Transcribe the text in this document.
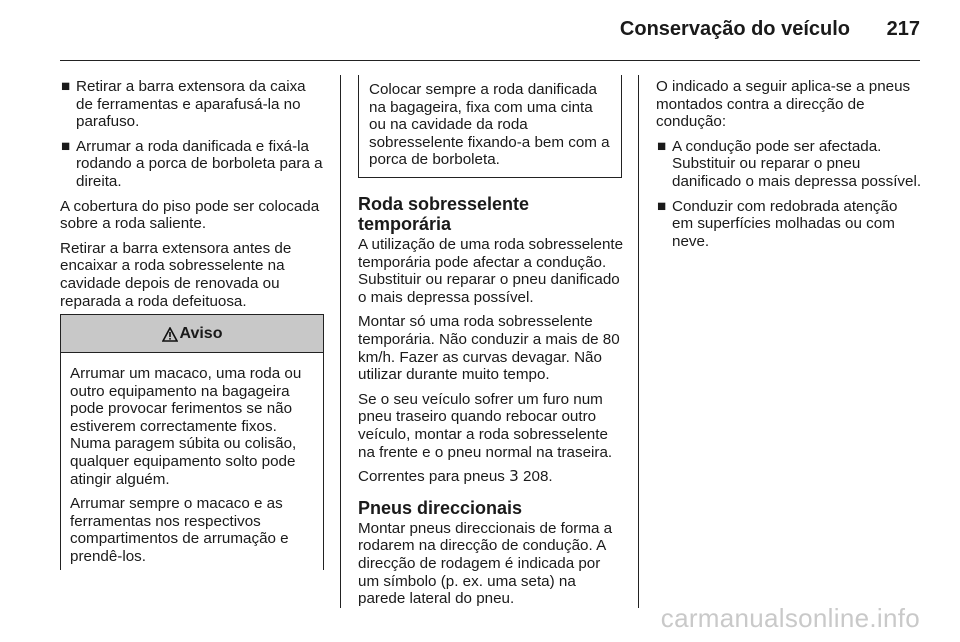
Conservação do veículo 217
■ Retirar a barra extensora da caixa de ferramentas e aparafusá-la no parafuso.
■ Arrumar a roda danificada e fixá-la rodando a porca de borboleta para a direita.

A cobertura do piso pode ser colocada sobre a roda saliente.

Retirar a barra extensora antes de encaixar a roda sobresselente na cavidade depois de renovada ou reparada a roda defeituosa.

Aviso

Arrumar um macaco, uma roda ou outro equipamento na bagageira pode provocar ferimentos se não estiverem correctamente fixos. Numa paragem súbita ou colisão, qualquer equipamento solto pode atingir alguém.

Arrumar sempre o macaco e as ferramentas nos respectivos compartimentos de arrumação e prendê-los.

Colocar sempre a roda danificada na bagageira, fixa com uma cinta ou na cavidade da roda sobresselente fixando-a bem com a porca de borboleta.
Roda sobresselente temporária

A utilização de uma roda sobresselente temporária pode afectar a condução. Substituir ou reparar o pneu danificado o mais depressa possível.

Montar só uma roda sobresselente temporária. Não conduzir a mais de 80 km/h. Fazer as curvas devagar. Não utilizar durante muito tempo.

Se o seu veículo sofrer um furo num pneu traseiro quando rebocar outro veículo, montar a roda sobresselente na frente e o pneu normal na traseira.

Correntes para pneus 3 208.

Pneus direccionais

Montar pneus direccionais de forma a rodarem na direcção de condução. A direcção de rodagem é indicada por um símbolo (p. ex. uma seta) na parede lateral do pneu.

O indicado a seguir aplica-se a pneus montados contra a direcção de condução:

■ A condução pode ser afectada. Substituir ou reparar o pneu danificado o mais depressa possível.
■ Conduzir com redobrada atenção em superfícies molhadas ou com neve.
carmanualsonline.info
